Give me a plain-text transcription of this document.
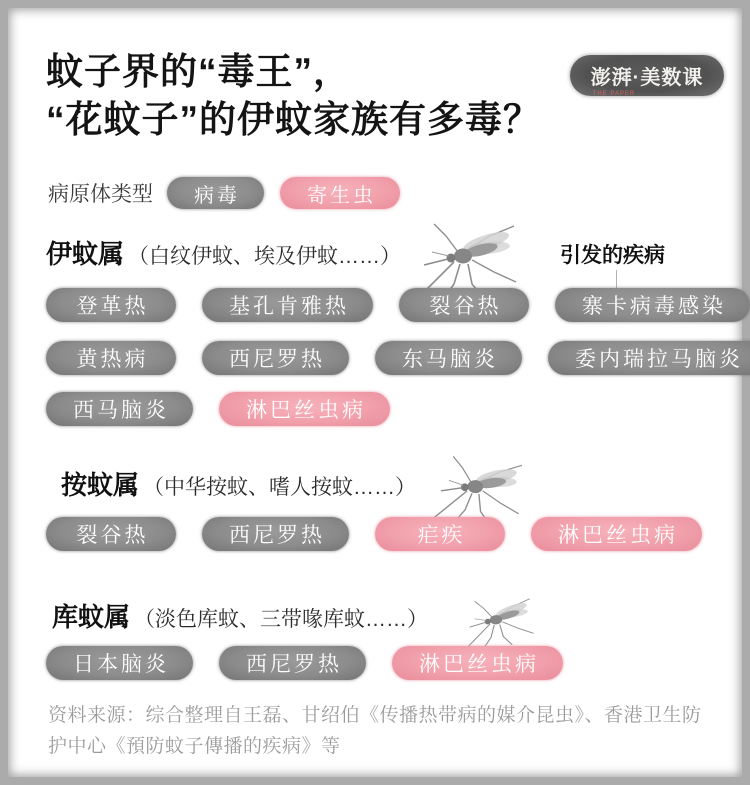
蚊子界的“毒王”，
“花蚊子”的伊蚊家族有多毒？
澎湃·美数课
THE PAPER
病原体类型	病毒	寄生虫
伊蚊属 （白纹伊蚊、埃及伊蚊……）	引发的疾病
登革热	基孔肯雅热	裂谷热	寨卡病毒感染
黄热病	西尼罗热	东马脑炎	委内瑞拉马脑炎
西马脑炎	淋巴丝虫病
按蚊属 （中华按蚊、嗜人按蚊……）
裂谷热	西尼罗热	疟疾	淋巴丝虫病
库蚊属 （淡色库蚊、三带喙库蚊……）
日本脑炎	西尼罗热	淋巴丝虫病
资料来源：综合整理自王磊、甘绍伯《传播热带病的媒介昆虫》、香港卫生防护中心《預防蚊子傳播的疾病》等
